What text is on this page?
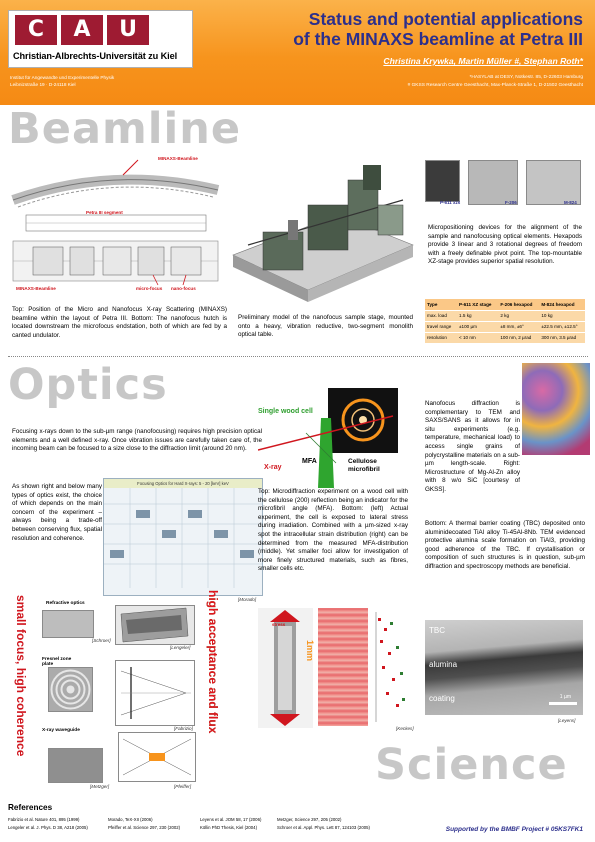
C	A	U
Christian-Albrechts-Universität zu Kiel
Institut für Angewandte und Experimentelle Physik
Leibnizstraße 19 · D-24118 Kiel
Status and potential applications
of the MINAXS beamline at Petra III
Christina Krywka, Martin Müller #, Stephan Roth*
*HASYLAB at DESY, Notkestr. 85, D-22603 Hamburg
# GKSS Research Centre Geesthacht, Max-Planck-Straße 1, D-21502 Geesthacht
Beamline
MINAXS-Beamline
Petra III segment
MINAXS-Beamline	micro-focus nano-focus
Top: Position of the Micro and Nanofocus X-ray Scattering (MINAXS) beamline within the layout of Petra III. Bottom: The nanofocus hutch is located downstream the microfocus endstation, both of which are fed by a canted undulator.
Preliminary model of the nanofocus sample stage, mounted onto a heavy, vibration reductive, two-segment monolith optical table.
P-611 xzs	F-206	M-824
Micropositioning devices for the alignment of the sample and nanofocusing optical elements. Hexapods provide 3 linear and 3 rotational degrees of freedom with a freely definable pivot point. The top-mountable XZ-stage provides superior spatial resolution.
Type	P-611 XZ stage	F-206 hexapod	M-824 hexapod
max. load	1.5 kg	2 kg	10 kg
travel range	±100 µm	±8 mm, ±6°	±22.5 mm, ±12.5°
resolution	< 10 nm	100 nm, 2 µrad	300 nm, 3.5 µrad
Optics
Focusing x-rays down to the sub-µm range (nanofocusing) requires high precision optical elements and a well defined x-ray. Once vibration issues are carefully taken care of, the incoming beam can be focused to a size close to the diffraction limit (around 20 nm).
As shown right and below many types of optics exist, the choice of which depends on the main concern of the experiment – always being a trade-off between conserving flux, spatial resolution and coherence.
Focusing Optics for Hard X-rays: 5 - 20 [keV] keV
[Morado]
small focus, high coherence	high acceptance and flux
Refractive optics
[Schroer]
[Lengeler]
Fresnel zone plate
[Fabrizio]
X-ray waveguide
[Metzger]	[Pfeiffer]
Single wood cell
X-ray
MFA	Cellulose microfibril
Top: Microdiffraction experiment on a wood cell with the cellulose (200) reflection being an indicator for the microfibril angle (MFA). Bottom: (left) Actual experiment, the cell is exposed to lateral stress during irradiation. Combined with a µm-sized x-ray spot the intracellular strain distribution (right) can be determined from the measured MFA-distribution (middle). Yet smaller foci allow for investigation of more finely structured materials, such as fibres, smaller cells etc.
stress
1mm
[Keckes]
Nanofocus diffraction is complementary to TEM and SAXS/SANS as it allows for in situ experiments (e.g. temperature, mechanical load) to access single grains of polycrystalline materials on a sub-µm length-scale. Right: Microstructure of Mg-Al-Zn alloy with 8 w/o SiC [courtesy of GKSS].
Bottom: A thermal barrier coating (TBC) deposited onto aluminidecoated TiAl alloy Ti-45Al-8Nb. TEM evidenced protective alumina scale formation on TiAl3, providing good adherence of the TBC. If crystallisation or composition of such structures is in question, sub-µm diffraction and spectroscopy methods are beneficial.
TBC
alumina
coating	1 µm
[Leyens]
Science
References
Fabrizio et al. Nature 401, 895 (1999)
Lengeler et al. J. Phys. D 38, A218 (2005)
Morado, TeX-XII (2006)
Pfeiffer et al. Science 297, 230 (2002)
Leyens et al. JOM 58, 17 (2006)
Köllin PhD Thesis, Kiel (2004)
Metzger, Science 297, 205 (2002)
Schroer et al. Appl. Phys. Lett 87, 124103 (2005)	Supported by the BMBF Project # 05KS7FK1
